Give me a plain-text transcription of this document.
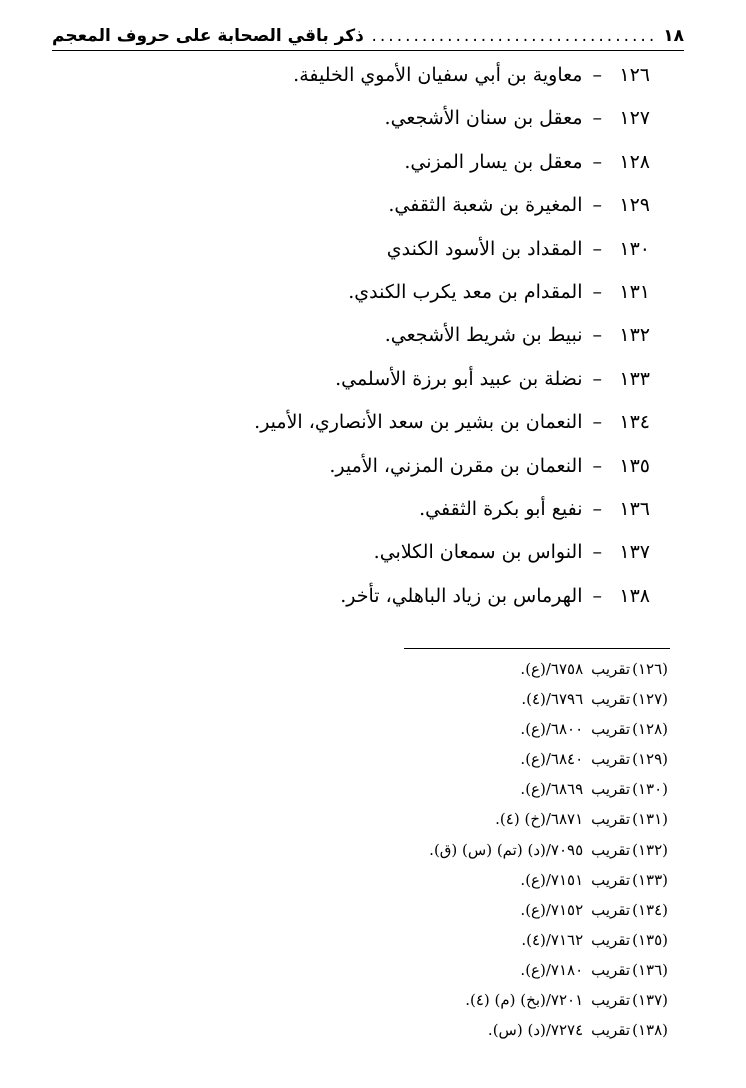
١٨
.....
ذكر باقي الصحابة على حروف المعجم
١٢٦
–
معاوية بن أبي سفيان الأموي الخليفة.
١٢٧
–
معقل بن سنان الأشجعي.
١٢٨
–
معقل بن يسار المزني.
١٢٩
–
المغيرة بن شعبة الثقفي.
١٣٠
–
المقداد بن الأسود الكندي
١٣١
–
المقدام بن معد يكرب الكندي.
١٣٢
–
نبيط بن شريط الأشجعي.
١٣٣
–
نضلة بن عبيد أبو برزة الأسلمي.
١٣٤
–
النعمان بن بشير بن سعد الأنصاري، الأمير.
١٣٥
–
النعمان بن مقرن المزني، الأمير.
١٣٦
–
نفيع أبو بكرة الثقفي.
١٣٧
–
النواس بن سمعان الكلابي.
١٣٨
–
الهرماس بن زياد الباهلي، تأخر.
(١٢٦)
تقريب
٦٧٥٨/
(ع).
(١٢٧)
تقريب
٦٧٩٦/
(٤).
(١٢٨)
تقريب
٦٨٠٠/
(ع).
(١٢٩)
تقريب
٦٨٤٠/
(ع).
(١٣٠)
تقريب
٦٨٦٩/
(ع).
(١٣١)
تقريب
٦٨٧١/
(خ) (٤).
(١٣٢)
تقريب
٧٠٩٥/
(د) (تم) (س) (ق).
(١٣٣)
تقريب
٧١٥١/
(ع).
(١٣٤)
تقريب
٧١٥٢/
(ع).
(١٣٥)
تقريب
٧١٦٢/
(٤).
(١٣٦)
تقريب
٧١٨٠/
(ع).
(١٣٧)
تقريب
٧٢٠١/
(بخ) (م) (٤).
(١٣٨)
تقريب
٧٢٧٤/
(د) (س).
